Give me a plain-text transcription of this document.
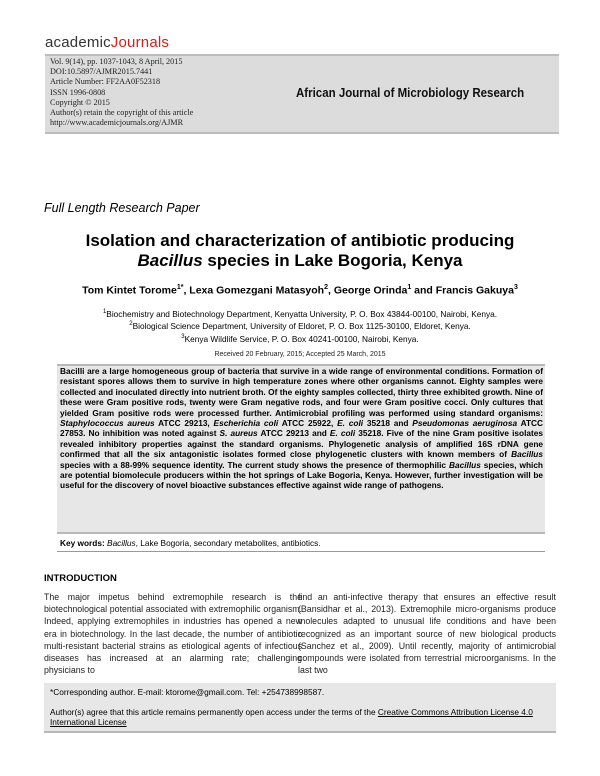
academicJournals
Vol. 9(14), pp. 1037-1043, 8 April, 2015
DOI:10.5897/AJMR2015.7441
Article Number: FF2AA0F52318
ISSN 1996-0808
Copyright © 2015
Author(s) retain the copyright of this article
http://www.academicjournals.org/AJMR
African Journal of Microbiology Research
Full Length Research Paper
Isolation and characterization of antibiotic producing
Bacillus species in Lake Bogoria, Kenya
Tom Kintet Torome$^{1*}$, Lexa Gomezgani Matasyoh$^2$, George Orinda$^1$ and Francis Gakuya$^3$
$^1$Biochemistry and Biotechnology Department, Kenyatta University, P. O. Box 43844-00100, Nairobi, Kenya.
$^2$Biological Science Department, University of Eldoret, P. O. Box 1125-30100, Eldoret, Kenya.
$^3$Kenya Wildlife Service, P. O. Box 40241-00100, Nairobi, Kenya.
Received 20 February, 2015; Accepted 25 March, 2015
Bacilli are a large homogeneous group of bacteria that survive in a wide range of environmental conditions. Formation of resistant spores allows them to survive in high temperature zones where other organisms cannot. Eighty samples were collected and inoculated directly into nutrient broth. Of the eighty samples collected, thirty three exhibited growth. Nine of these were Gram positive rods, twenty were Gram negative rods, and four were Gram positive cocci. Only cultures that yielded Gram positive rods were processed further. Antimicrobial profiling was performed using standard organisms: Staphylococcus aureus ATCC 29213, Escherichia coli ATCC 25922, E. coli 35218 and Pseudomonas aeruginosa ATCC 27853. No inhibition was noted against S. aureus ATCC 29213 and E. coli 35218. Five of the nine Gram positive isolates revealed inhibitory properties against the standard organisms. Phylogenetic analysis of amplified 16S rDNA gene confirmed that all the six antagonistic isolates formed close phylogenetic clusters with known members of Bacillus species with a 88-99% sequence identity. The current study shows the presence of thermophilic Bacillus species, which are potential biomolecule producers within the hot springs of Lake Bogoria, Kenya. However, further investigation will be useful for the discovery of novel bioactive substances effective against wide range of pathogens.
Key words: Bacillus, Lake Bogoria, secondary metabolites, antibiotics.
INTRODUCTION
The major impetus behind extremophile research is the biotechnological potential associated with extremophilic organism. Indeed, applying extremophiles in industries has opened a new era in biotechnology. In the last decade, the number of antibiotic multi-resistant bacterial strains as etiological agents of infectious diseases has increased at an alarming rate; challenging physicians to
find an anti-infective therapy that ensures an effective result (Bansidhar et al., 2013). Extremophile micro-organisms produce molecules adapted to unusual life conditions and have been recognized as an important source of new biological products (Sanchez et al., 2009). Until recently, majority of antimicrobial compounds were isolated from terrestrial microorganisms. In the last two
*Corresponding author. E-mail: ktorome@gmail.com. Tel: +254738998587.
Author(s) agree that this article remains permanently open access under the terms of the Creative Commons Attribution License 4.0 International License
